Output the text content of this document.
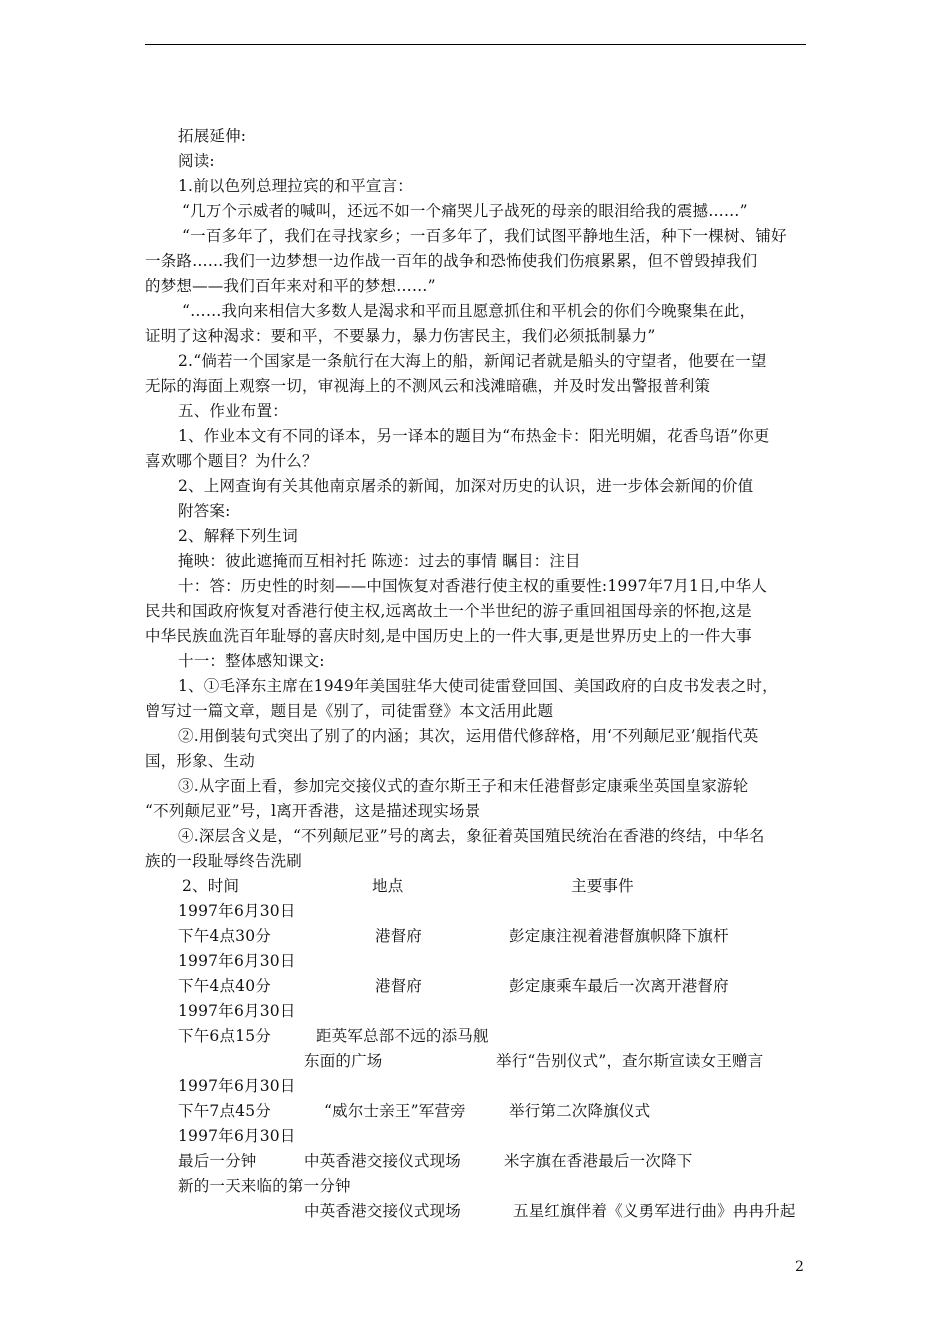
拓展延伸:
阅读:
1.前以色列总理拉宾的和平宣言：
“几万个示威者的喊叫，还远不如一个痛哭儿子战死的母亲的眼泪给我的震撼……”
“一百多年了，我们在寻找家乡；一百多年了，我们试图平静地生活，种下一棵树、铺好
一条路……我们一边梦想一边作战一百年的战争和恐怖使我们伤痕累累，但不曾毁掉我们
的梦想——我们百年来对和平的梦想……”
“……我向来相信大多数人是渴求和平而且愿意抓住和平机会的你们今晚聚集在此，
证明了这种渴求：要和平，不要暴力，暴力伤害民主，我们必须抵制暴力”
2.“倘若一个国家是一条航行在大海上的船，新闻记者就是船头的守望者，他要在一望
无际的海面上观察一切，审视海上的不测风云和浅滩暗礁，并及时发出警报普利策
五、作业布置：
1、作业本文有不同的译本，另一译本的题目为“布热金卡：阳光明媚，花香鸟语”你更
喜欢哪个题目？为什么？
2、上网查询有关其他南京屠杀的新闻，加深对历史的认识，进一步体会新闻的价值
附答案:
2、解释下列生词
掩映：彼此遮掩而互相衬托 陈迹：过去的事情 瞩目：注目
十：答：历史性的时刻——中国恢复对香港行使主权的重要性:1997年7月1日,中华人
民共和国政府恢复对香港行使主权,远离故土一个半世纪的游子重回祖国母亲的怀抱,这是
中华民族血洗百年耻辱的喜庆时刻,是中国历史上的一件大事,更是世界历史上的一件大事
十一：整体感知课文:
1、①毛泽东主席在1949年美国驻华大使司徒雷登回国、美国政府的白皮书发表之时，
曾写过一篇文章，题目是《别了，司徒雷登》本文活用此题
②.用倒装句式突出了别了的内涵；其次，运用借代修辞格，用‘不列颠尼亚’舰指代英
国，形象、生动
③.从字面上看，参加完交接仪式的查尔斯王子和末任港督彭定康乘坐英国皇家游轮
“不列颠尼亚”号，l离开香港，这是描述现实场景
④.深层含义是，“不列颠尼亚”号的离去，象征着英国殖民统治在香港的终结，中华名
族的一段耻辱终告洗刷
2、时间	地点	主要事件
1997年6月30日
下午4点30分	港督府	彭定康注视着港督旗帜降下旗杆
1997年6月30日
下午4点40分	港督府	彭定康乘车最后一次离开港督府
1997年6月30日
下午6点15分	距英军总部不远的添马舰
东面的广场	举行“告别仪式”，查尔斯宣读女王赠言
1997年6月30日
下午7点45分	“威尔士亲王”军营旁	举行第二次降旗仪式
1997年6月30日
最后一分钟	中英香港交接仪式现场	米字旗在香港最后一次降下
新的一天来临的第一分钟
中英香港交接仪式现场	五星红旗伴着《义勇军进行曲》冉冉升起
2
